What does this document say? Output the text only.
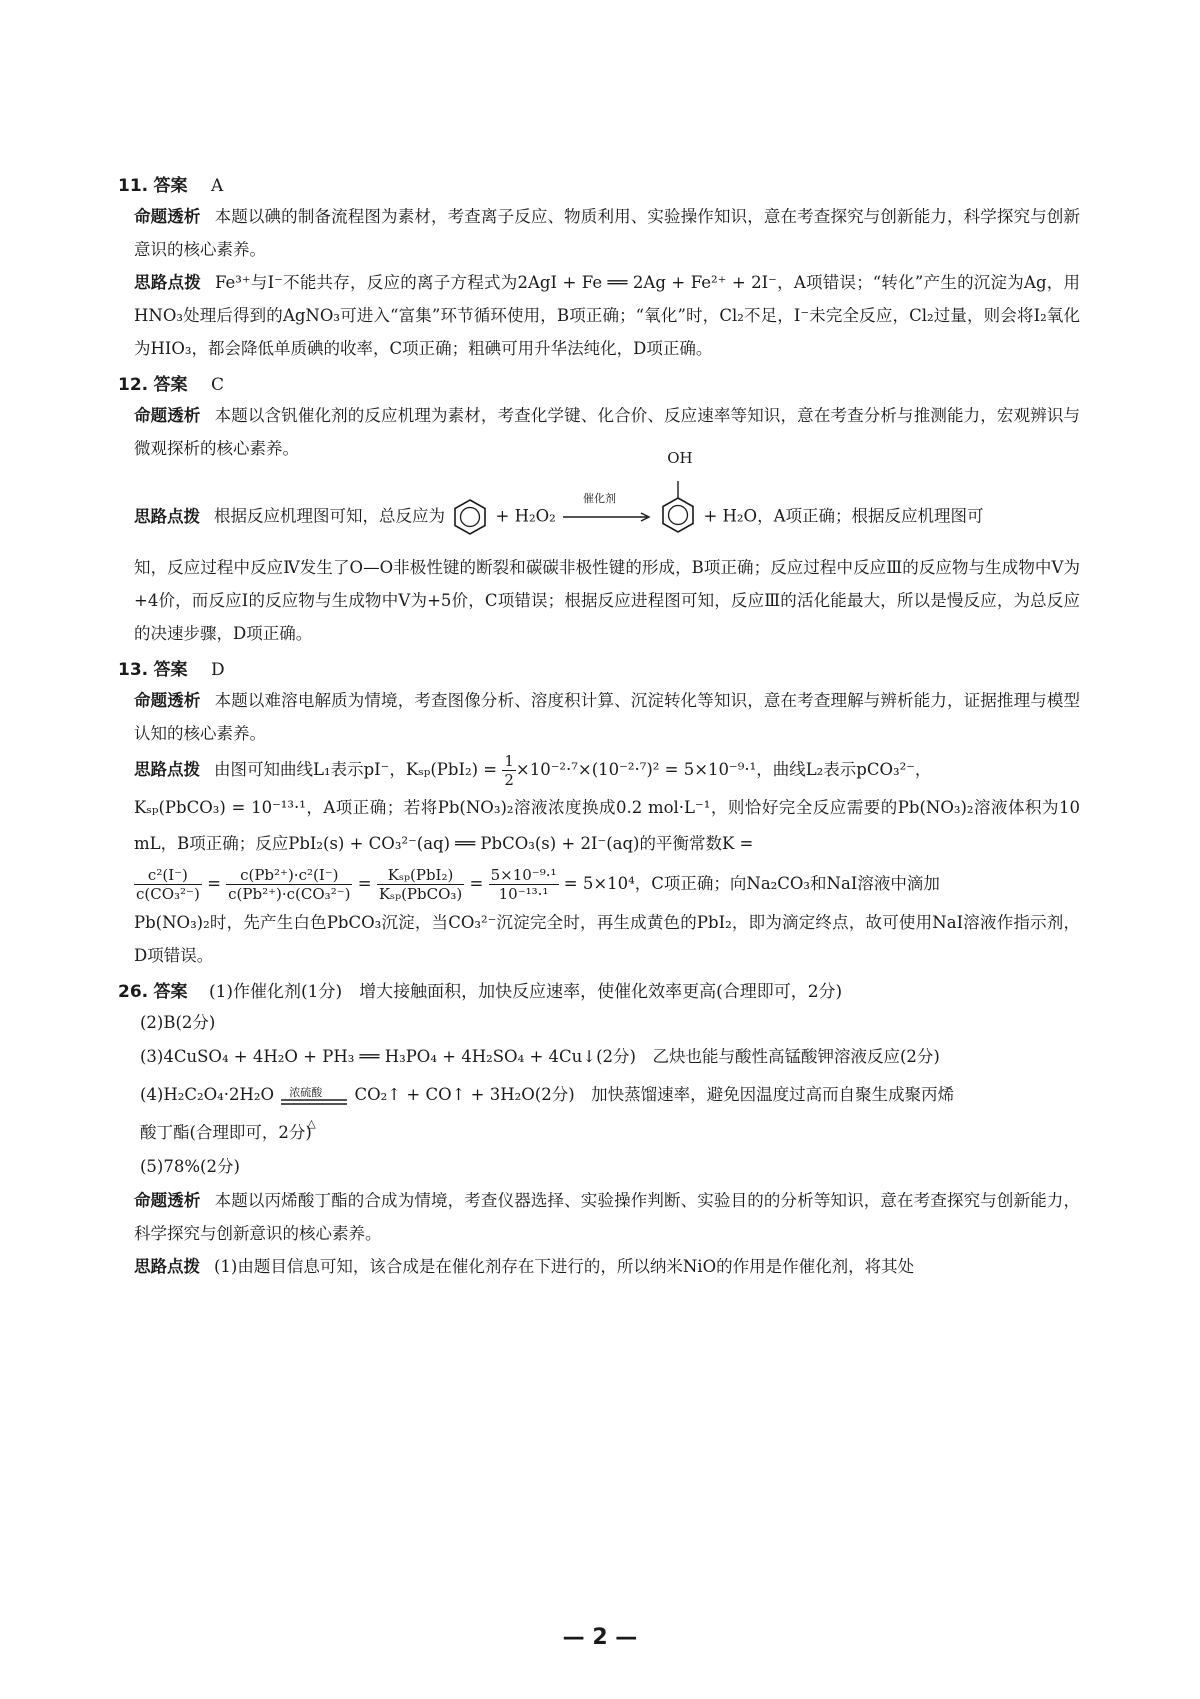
11. 答案 A

命题透析 本题以碘的制备流程图为素材，考查离子反应、物质利用、实验操作知识，意在考查探究与创新能力，科学探究与创新意识的核心素养。

思路点拨 Fe³⁺与I⁻不能共存，反应的离子方程式为2AgI + Fe ══ 2Ag + Fe²⁺ + 2I⁻，A项错误；“转化”产生的沉淀为Ag，用HNO₃处理后得到的AgNO₃可进入“富集”环节循环使用，B项正确；“氧化”时，Cl₂不足，I⁻未完全反应，Cl₂过量，则会将I₂氧化为HIO₃，都会降低单质碘的收率，C项正确；粗碘可用升华法纯化，D项正确。

12. 答案 C

命题透析 本题以含钒催化剂的反应机理为素材，考查化学键、化合价、反应速率等知识，意在考查分析与推测能力，宏观辨识与微观探析的核心素养。

思路点拨 根据反应机理图可知，总反应为	+ H₂O₂
催化剂

OH
+ H₂O，A项正确；根据反应机理图可

知，反应过程中反应Ⅳ发生了O—O非极性键的断裂和碳碳非极性键的形成，B项正确；反应过程中反应Ⅲ的反应物与生成物中V为+4价，而反应Ⅰ的反应物与生成物中V为+5价，C项错误；根据反应进程图可知，反应Ⅲ的活化能最大，所以是慢反应，为总反应的决速步骤，D项正确。

13. 答案 D

命题透析 本题以难溶电解质为情境，考查图像分析、溶度积计算、沉淀转化等知识，意在考查理解与辨析能力，证据推理与模型认知的核心素养。

思路点拨 由图可知曲线L₁表示pI⁻，$K_{sp}(PbI_2) = \frac{1}{2} \times 10^{-2}\cdot^7\times(10^{-2}\cdot^7)^2 = 5\times 10^{-9}\cdot^1$，曲线L₂表示pCO₃²⁻，

Kₛₚ(PbCO₃) = 10⁻¹³·¹，A项正确；若将Pb(NO₃)₂溶液浓度换成0.2 mol·L⁻¹，则恰好完全反应需要的Pb(NO₃)₂溶液体积为10 mL，B项正确；反应PbI₂(s) + CO₃²⁻(aq) ══ PbCO₃(s) + 2I⁻(aq)的平衡常数K =

$\frac{\text{c²(I⁻)}}{\text{c(CO₃²⁻)}} = \frac{\text{c(Pb²⁺)·c²(I⁻)}}{\text{c(Pb²⁺)·c(CO₃²⁻)}} = \frac{\text{Kₛₚ(PbI₂)}}{\text{Kₛₚ(PbCO₃)}} = \frac{\text{5×10⁻⁹·¹}}{\text{10⁻¹³·¹}} = 5\times 10^4$，C项正确；向Na₂CO₃和NaI溶液中滴加

Pb(NO₃)₂时，先产生白色PbCO₃沉淀，当CO₃²⁻沉淀完全时，再生成黄色的PbI₂，即为滴定终点，故可使用NaI溶液作指示剂，D项错误。

26. 答案 (1)作催化剂(1分)　增大接触面积，加快反应速率，使催化效率更高(合理即可，2分)

(2)B(2分)

(3)4CuSO₄ + 4H₂O + PH₃ ══ H₃PO₄ + 4H₂SO₄ + 4Cu↓(2分)　乙炔也能与酸性高锰酸钾溶液反应(2分)

(4)H₂C₂O₄·2H₂O 浓硫酸
△
CO₂↑ + CO↑ + 3H₂O(2分)　加快蒸馏速率，避免因温度过高而自聚生成聚丙烯

酸丁酯(合理即可，2分)

(5)78%(2分)

命题透析 本题以丙烯酸丁酯的合成为情境，考查仪器选择、实验操作判断、实验目的的分析等知识，意在考查探究与创新能力，科学探究与创新意识的核心素养。

思路点拨 (1)由题目信息可知，该合成是在催化剂存在下进行的，所以纳米NiO的作用是作催化剂，将其处

— 2 —
